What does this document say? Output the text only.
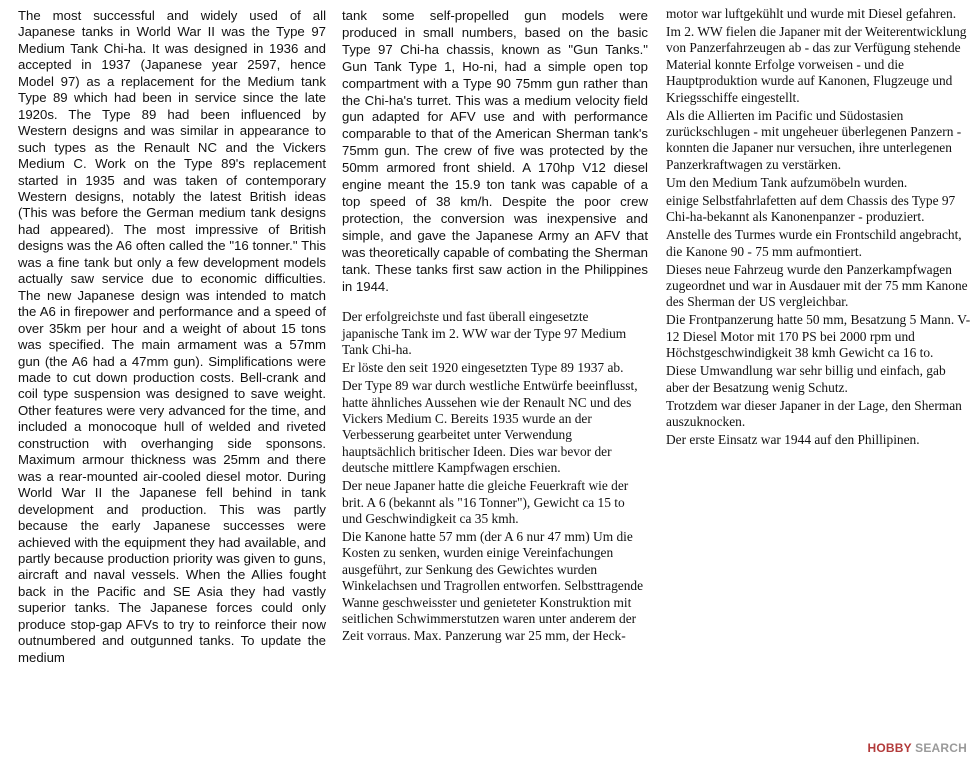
The most successful and widely used of all Japanese tanks in World War II was the Type 97 Medium Tank Chi-ha. It was designed in 1936 and accepted in 1937 (Japanese year 2597, hence Model 97) as a replacement for the Medium tank Type 89 which had been in service since the late 1920s. The Type 89 had been influenced by Western designs and was similar in appearance to such types as the Renault NC and the Vickers Medium C. Work on the Type 89's replacement started in 1935 and was taken of contemporary Western designs, notably the latest British ideas (This was before the German medium tank designs had appeared). The most impressive of British designs was the A6 often called the "16 tonner." This was a fine tank but only a few development models actually saw service due to economic difficulties. The new Japanese design was intended to match the A6 in firepower and performance and a speed of over 35km per hour and a weight of about 15 tons was specified. The main armament was a 57mm gun (the A6 had a 47mm gun). Simplifications were made to cut down production costs. Bell-crank and coil type suspension was designed to save weight. Other features were very advanced for the time, and included a monocoque hull of welded and riveted construction with overhanging side sponsons. Maximum armour thickness was 25mm and there was a rear-mounted air-cooled diesel motor. During World War II the Japanese fell behind in tank development and production. This was partly because the early Japanese successes were achieved with the equipment they had available, and partly because production priority was given to guns, aircraft and naval vessels. When the Allies fought back in the Pacific and SE Asia they had vastly superior tanks. The Japanese forces could only produce stop-gap AFVs to try to reinforce their now outnumbered and outgunned tanks. To update the medium

tank some self-propelled gun models were produced in small numbers, based on the basic Type 97 Chi-ha chassis, known as "Gun Tanks." Gun Tank Type 1, Ho-ni, had a simple open top compartment with a Type 90 75mm gun rather than the Chi-ha's turret. This was a medium velocity field gun adapted for AFV use and with performance comparable to that of the American Sherman tank's 75mm gun. The crew of five was protected by the 50mm armored front shield. A 170hp V12 diesel engine meant the 15.9 ton tank was capable of a top speed of 38 km/h. Despite the poor crew protection, the conversion was inexpensive and simple, and gave the Japanese Army an AFV that was theoretically capable of combating the Sherman tank. These tanks first saw action in the Philippines in 1944.

Der erfolgreichste und fast überall eingesetzte japanische Tank im 2. WW war der Type 97 Medium Tank Chi-ha.

Er löste den seit 1920 eingesetzten Type 89 1937 ab.

Der Type 89 war durch westliche Entwürfe beeinflusst, hatte ähnliches Aussehen wie der Renault NC und des Vickers Medium C. Bereits 1935 wurde an der Verbesserung gearbeitet unter Verwendung hauptsächlich britischer Ideen. Dies war bevor der deutsche mittlere Kampfwagen erschien.

Der neue Japaner hatte die gleiche Feuerkraft wie der brit. A 6 (bekannt als "16 Tonner"), Gewicht ca 15 to und Geschwindigkeit ca 35 kmh.

Die Kanone hatte 57 mm (der A 6 nur 47 mm) Um die Kosten zu senken, wurden einige Vereinfachungen ausgeführt, zur Senkung des Gewichtes wurden Winkelachsen und Tragrollen entworfen. Selbsttragende Wanne geschweisster und genieteter Konstruktion mit seitlichen Schwimmerstutzen waren unter anderem der Zeit vorraus. Max. Panzerung war 25 mm, der Heck-

motor war luftgekühlt und wurde mit Diesel gefahren.

Im 2. WW fielen die Japaner mit der Weiterentwicklung von Panzerfahrzeugen ab - das zur Verfügung stehende Material konnte Erfolge vorweisen - und die Hauptproduktion wurde auf Kanonen, Flugzeuge und Kriegsschiffe eingestellt.

Als die Allierten im Pacific und Südostasien zurückschlugen - mit ungeheuer überlegenen Panzern - konnten die Japaner nur versuchen, ihre unterlegenen Panzerkraftwagen zu verstärken.

Um den Medium Tank aufzumöbeln wurden.

einige Selbstfahrlafetten auf dem Chassis des Type 97 Chi-ha-bekannt als Kanonenpanzer - produziert.

Anstelle des Turmes wurde ein Frontschild angebracht, die Kanone 90 - 75 mm aufmontiert.

Dieses neue Fahrzeug wurde den Panzerkampfwagen zugeordnet und war in Ausdauer mit der 75 mm Kanone des Sherman der US vergleichbar.

Die Frontpanzerung hatte 50 mm, Besatzung 5 Mann. V-12 Diesel Motor mit 170 PS bei 2000 rpm und Höchstgeschwindigkeit 38 kmh Gewicht ca 16 to.

Diese Umwandlung war sehr billig und einfach, gab aber der Besatzung wenig Schutz.

Trotzdem war dieser Japaner in der Lage, den Sherman auszuknocken.

Der erste Einsatz war 1944 auf den Phillipinen.

HOBBY SEARCH
